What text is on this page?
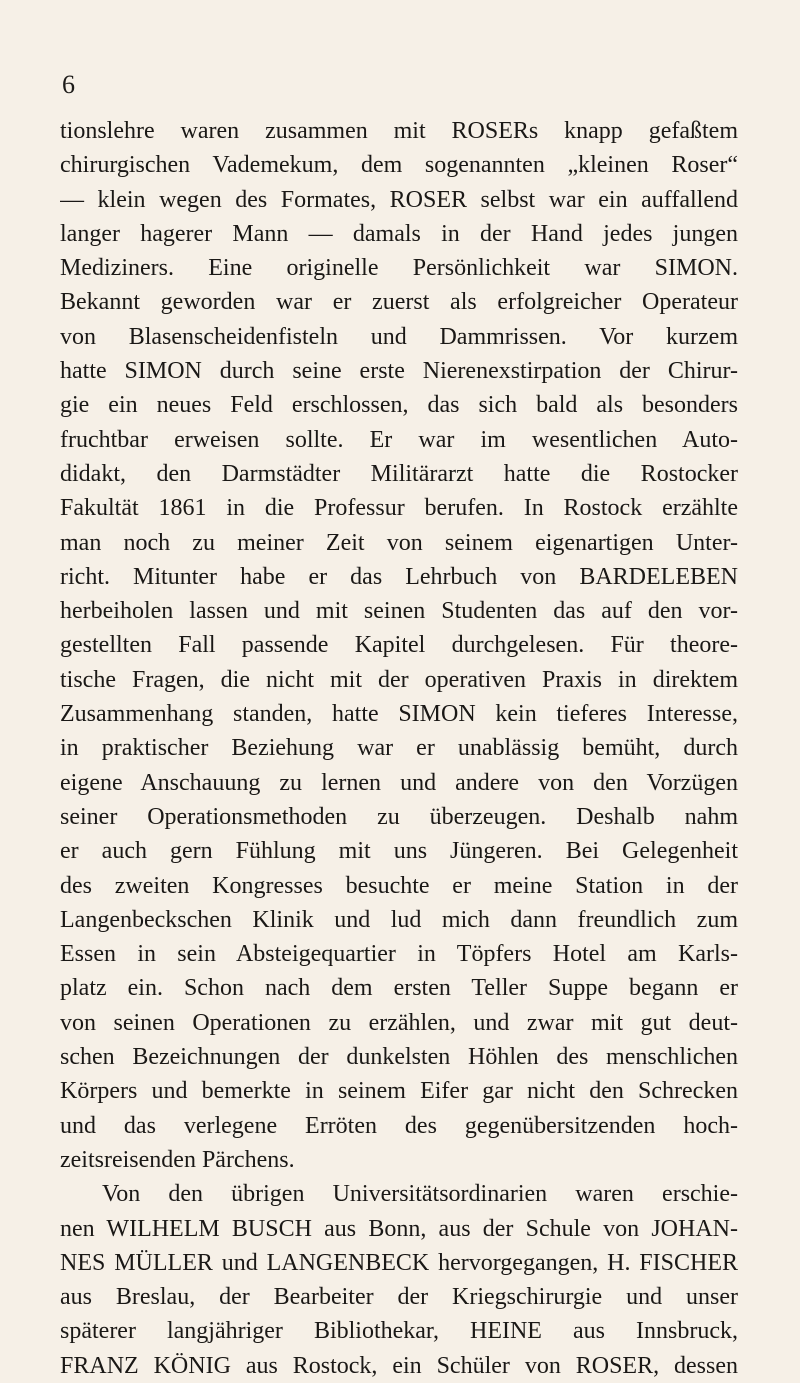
6
tionslehre waren zusammen mit ROSERs knapp gefaßtem
chirurgischen Vademekum, dem sogenannten „kleinen Roser“
— klein wegen des Formates, ROSER selbst war ein auffallend
langer hagerer Mann — damals in der Hand jedes jungen
Mediziners. Eine originelle Persönlichkeit war SIMON.
Bekannt geworden war er zuerst als erfolgreicher Operateur
von Blasenscheidenfisteln und Dammrissen. Vor kurzem
hatte SIMON durch seine erste Nierenexstirpation der Chirur-
gie ein neues Feld erschlossen, das sich bald als besonders
fruchtbar erweisen sollte. Er war im wesentlichen Auto-
didakt, den Darmstädter Militärarzt hatte die Rostocker
Fakultät 1861 in die Professur berufen. In Rostock erzählte
man noch zu meiner Zeit von seinem eigenartigen Unter-
richt. Mitunter habe er das Lehrbuch von BARDELEBEN
herbeiholen lassen und mit seinen Studenten das auf den vor-
gestellten Fall passende Kapitel durchgelesen. Für theore-
tische Fragen, die nicht mit der operativen Praxis in direktem
Zusammenhang standen, hatte SIMON kein tieferes Interesse,
in praktischer Beziehung war er unablässig bemüht, durch
eigene Anschauung zu lernen und andere von den Vorzügen
seiner Operationsmethoden zu überzeugen. Deshalb nahm
er auch gern Fühlung mit uns Jüngeren. Bei Gelegenheit
des zweiten Kongresses besuchte er meine Station in der
Langenbeckschen Klinik und lud mich dann freundlich zum
Essen in sein Absteigequartier in Töpfers Hotel am Karls-
platz ein. Schon nach dem ersten Teller Suppe begann er
von seinen Operationen zu erzählen, und zwar mit gut deut-
schen Bezeichnungen der dunkelsten Höhlen des menschlichen
Körpers und bemerkte in seinem Eifer gar nicht den Schrecken
und das verlegene Erröten des gegenübersitzenden hoch-
zeitsreisenden Pärchens.
Von den übrigen Universitätsordinarien waren erschie-
nen WILHELM BUSCH aus Bonn, aus der Schule von JOHAN-
NES MÜLLER und LANGENBECK hervorgegangen, H. FISCHER
aus Breslau, der Bearbeiter der Kriegschirurgie und unser
späterer langjähriger Bibliothekar, HEINE aus Innsbruck,
FRANZ KÖNIG aus Rostock, ein Schüler von ROSER, dessen
